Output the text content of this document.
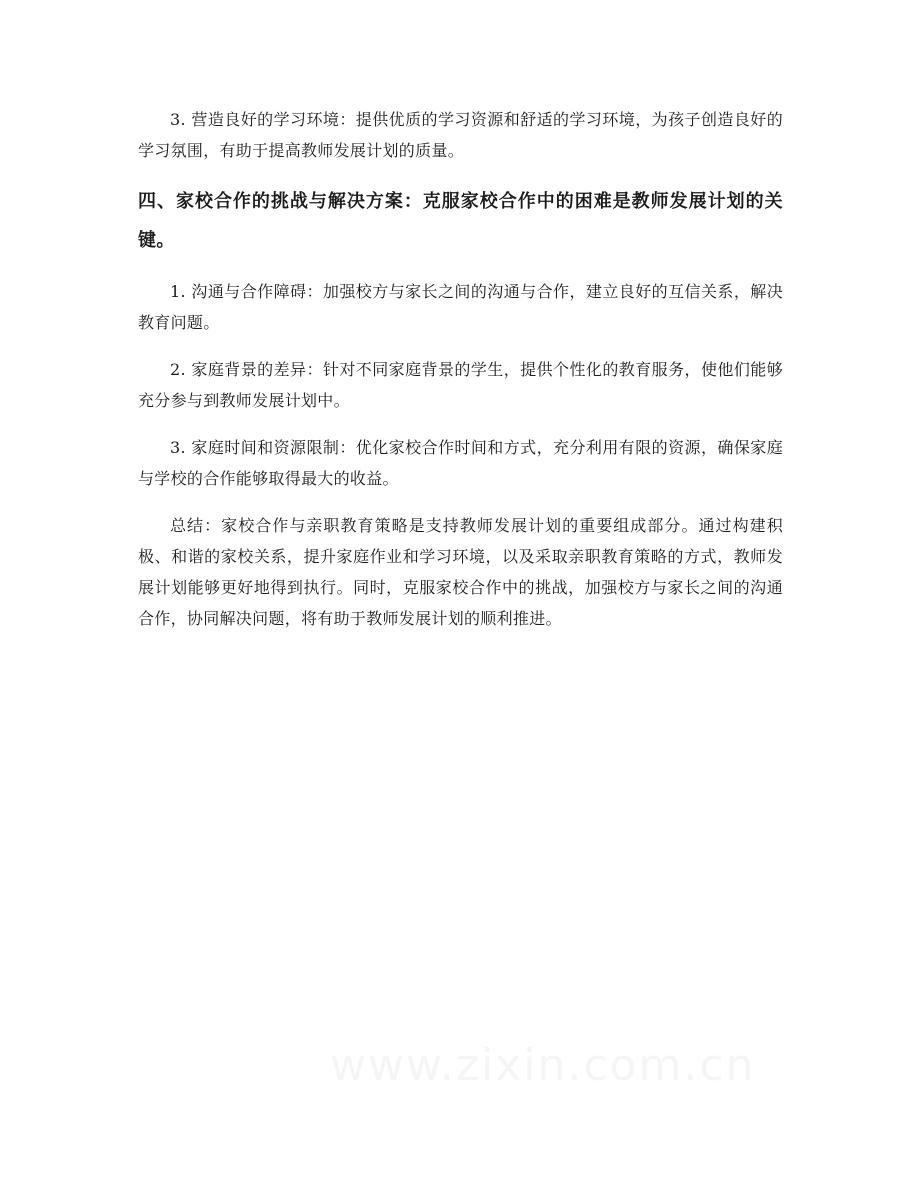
3. 营造良好的学习环境：提供优质的学习资源和舒适的学习环境，为孩子创造良好的学习氛围，有助于提高教师发展计划的质量。

四、家校合作的挑战与解决方案：克服家校合作中的困难是教师发展计划的关键。

1. 沟通与合作障碍：加强校方与家长之间的沟通与合作，建立良好的互信关系，解决教育问题。

2. 家庭背景的差异：针对不同家庭背景的学生，提供个性化的教育服务，使他们能够充分参与到教师发展计划中。

3. 家庭时间和资源限制：优化家校合作时间和方式，充分利用有限的资源，确保家庭与学校的合作能够取得最大的收益。

总结：家校合作与亲职教育策略是支持教师发展计划的重要组成部分。通过构建积极、和谐的家校关系，提升家庭作业和学习环境，以及采取亲职教育策略的方式，教师发展计划能够更好地得到执行。同时，克服家校合作中的挑战，加强校方与家长之间的沟通合作，协同解决问题，将有助于教师发展计划的顺利推进。

www.zixin.com.cn
